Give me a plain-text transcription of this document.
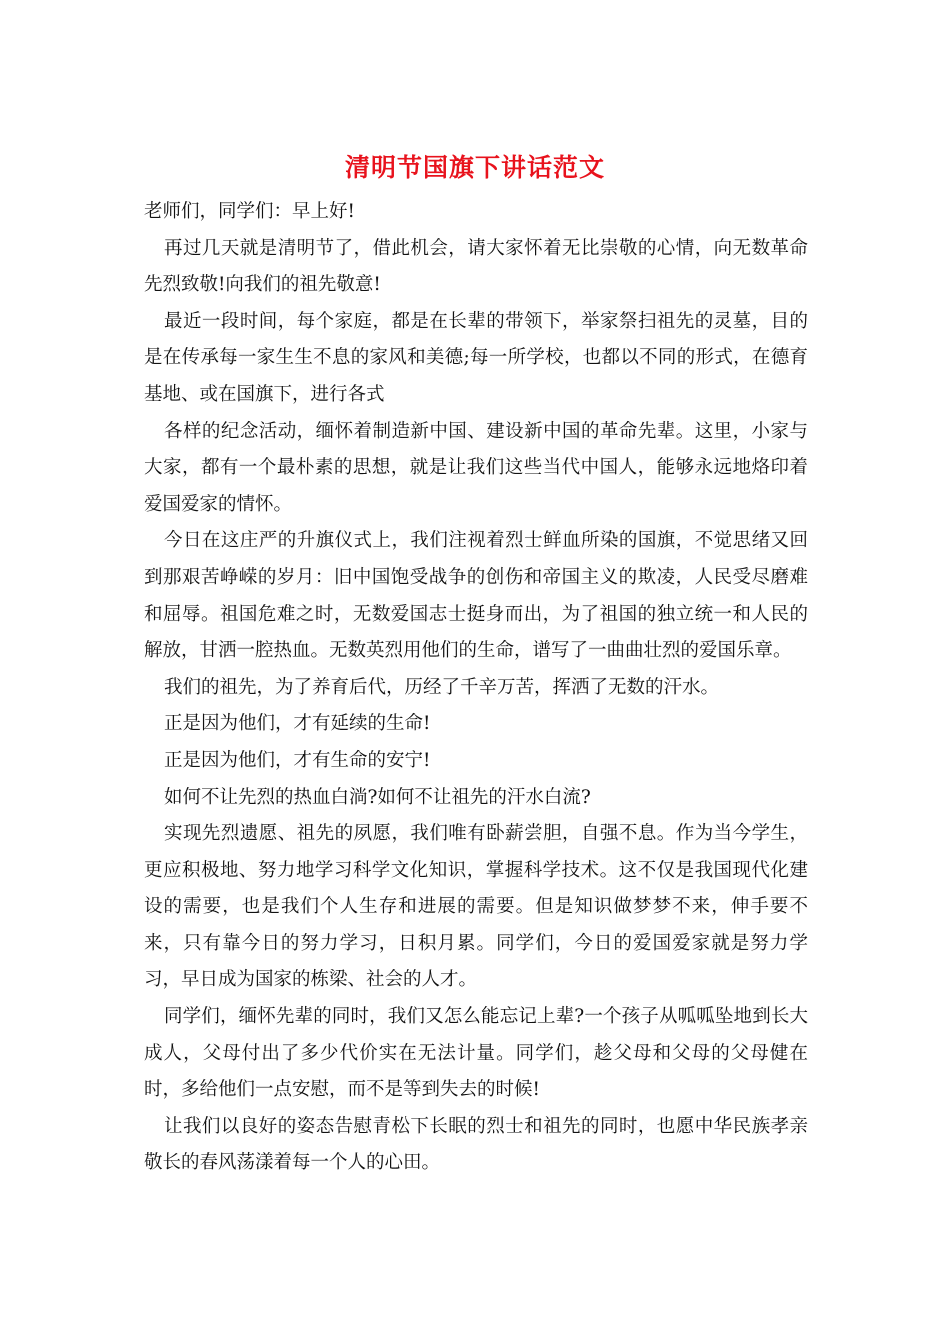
清明节国旗下讲话范文

老师们，同学们：早上好!

再过几天就是清明节了，借此机会，请大家怀着无比崇敬的心情，向无数革命先烈致敬!向我们的祖先敬意!

最近一段时间，每个家庭，都是在长辈的带领下，举家祭扫祖先的灵墓，目的是在传承每一家生生不息的家风和美德;每一所学校，也都以不同的形式，在德育基地、或在国旗下，进行各式

各样的纪念活动，缅怀着制造新中国、建设新中国的革命先辈。这里，小家与大家，都有一个最朴素的思想，就是让我们这些当代中国人，能够永远地烙印着爱国爱家的情怀。

今日在这庄严的升旗仪式上，我们注视着烈士鲜血所染的国旗，不觉思绪又回到那艰苦峥嵘的岁月：旧中国饱受战争的创伤和帝国主义的欺凌，人民受尽磨难和屈辱。祖国危难之时，无数爱国志士挺身而出，为了祖国的独立统一和人民的解放，甘洒一腔热血。无数英烈用他们的生命，谱写了一曲曲壮烈的爱国乐章。

我们的祖先，为了养育后代，历经了千辛万苦，挥洒了无数的汗水。

正是因为他们，才有延续的生命!

正是因为他们，才有生命的安宁!

如何不让先烈的热血白淌?如何不让祖先的汗水白流?

实现先烈遗愿、祖先的夙愿，我们唯有卧薪尝胆，自强不息。作为当今学生，更应积极地、努力地学习科学文化知识，掌握科学技术。这不仅是我国现代化建设的需要，也是我们个人生存和进展的需要。但是知识做梦梦不来，伸手要不来，只有靠今日的努力学习，日积月累。同学们，今日的爱国爱家就是努力学习，早日成为国家的栋梁、社会的人才。

同学们，缅怀先辈的同时，我们又怎么能忘记上辈?一个孩子从呱呱坠地到长大成人，父母付出了多少代价实在无法计量。同学们，趁父母和父母的父母健在时，多给他们一点安慰，而不是等到失去的时候!

让我们以良好的姿态告慰青松下长眠的烈士和祖先的同时，也愿中华民族孝亲敬长的春风荡漾着每一个人的心田。
